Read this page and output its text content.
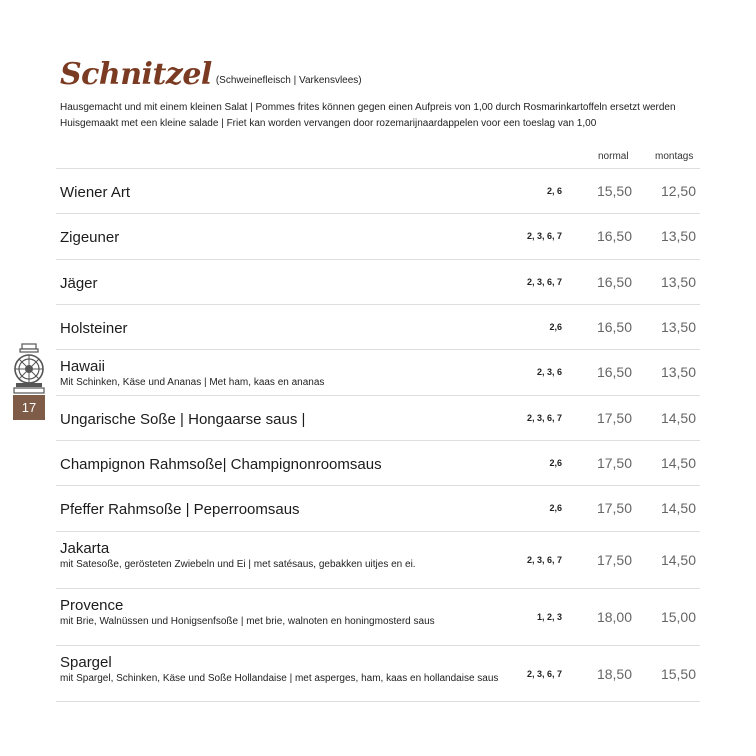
Schnitzel (Schweinefleisch | Varkensvlees)
Hausgemacht und mit einem kleinen Salat | Pommes frites können gegen einen Aufpreis von 1,00 durch Rosmarinkartoffeln ersetzt werden
Huisgemaakt met een kleine salade | Friet kan worden vervangen door rozemarijnaardappelen voor een toeslag van 1,00
normal	montags
Wiener Art	2, 6	15,50	12,50
Zigeuner	2, 3, 6, 7	16,50	13,50
Jäger	2, 3, 6, 7	16,50	13,50
Holsteiner	2,6	16,50	13,50
Hawaii
Mit Schinken, Käse und Ananas | Met ham, kaas en ananas
2, 3, 6	16,50	13,50
Ungarische Soße | Hongaarse saus |	2, 3, 6, 7	17,50	14,50
Champignon Rahmsoße| Champignonroomsaus	2,6	17,50	14,50
Pfeffer Rahmsoße | Peperroomsaus	2,6	17,50	14,50
Jakarta
mit Satesoße, gerösteten Zwiebeln und Ei | met satésaus, gebakken uitjes en ei.	2, 3, 6, 7	17,50	14,50
Provence
mit Brie, Walnüssen und Honigsenfsoße | met brie, walnoten en honingmosterd saus	1, 2, 3	18,00	15,00
Spargel
mit Spargel, Schinken, Käse und Soße Hollandaise | met asperges, ham, kaas en hollandaise saus	2, 3, 6, 7	18,50	15,50
17
